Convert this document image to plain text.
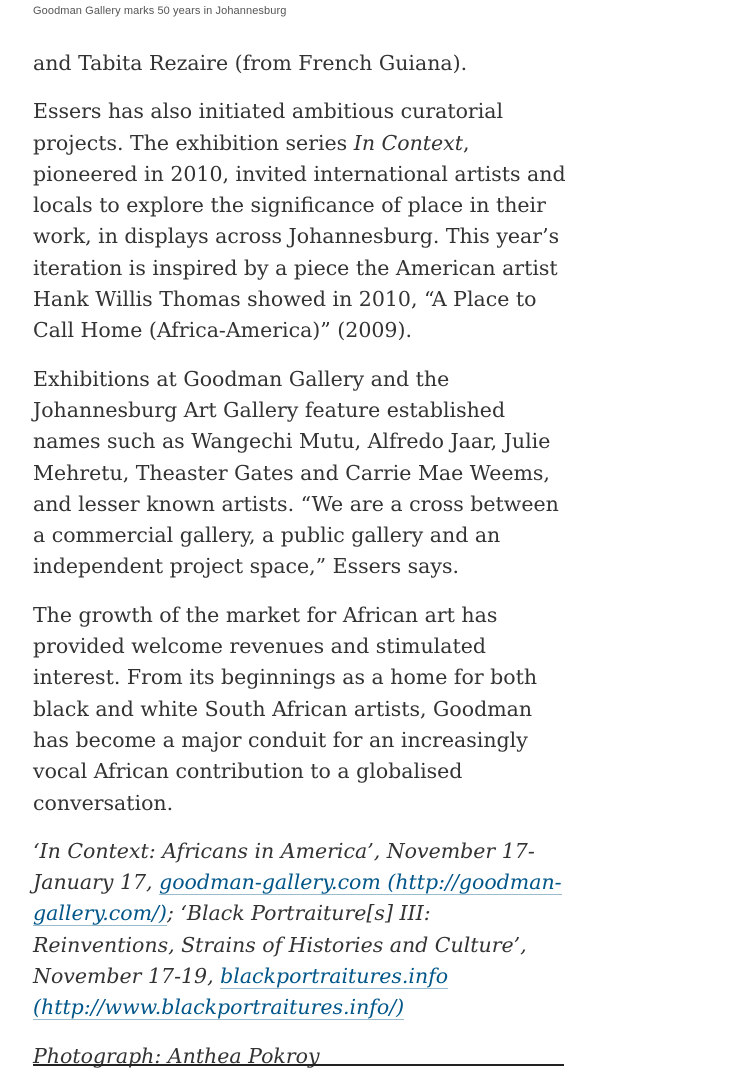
Goodman Gallery marks 50 years in Johannesburg

and Tabita Rezaire (from French Guiana).

Essers has also initiated ambitious curatorial projects. The exhibition series In Context, pioneered in 2010, invited international artists and locals to explore the significance of place in their work, in displays across Johannesburg. This year’s iteration is inspired by a piece the American artist Hank Willis Thomas showed in 2010, “A Place to Call Home (Africa-America)” (2009).

Exhibitions at Goodman Gallery and the Johannesburg Art Gallery feature established names such as Wangechi Mutu, Alfredo Jaar, Julie Mehretu, Theaster Gates and Carrie Mae Weems, and lesser known artists. “We are a cross between a commercial gallery, a public gallery and an independent project space,” Essers says.

The growth of the market for African art has provided welcome revenues and stimulated interest. From its beginnings as a home for both black and white South African artists, Goodman has become a major conduit for an increasingly vocal African contribution to a globalised conversation.

‘In Context: Africans in America’, November 17-January 17, goodman-gallery.com (http://goodman-gallery.com/); ‘Black Portraiture[s] III: Reinventions, Strains of Histories and Culture’, November 17-19, blackportraitures.info (http://www.blackportraitures.info/)

Photograph: Anthea Pokroy
